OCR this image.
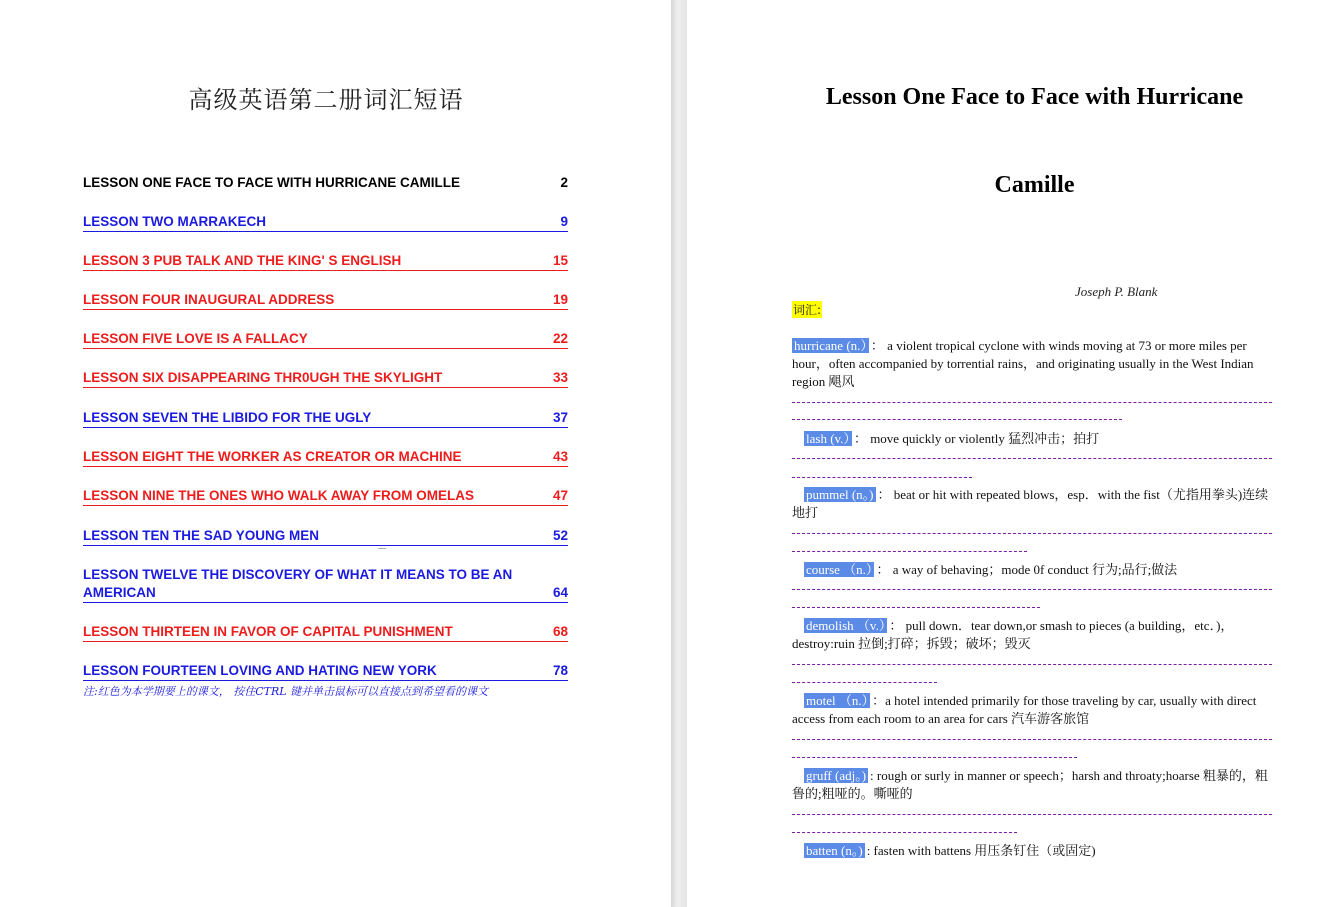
高级英语第二册词汇短语
LESSON ONE FACE TO FACE WITH HURRICANE CAMILLE	2
LESSON TWO MARRAKECH	9
LESSON 3 PUB TALK AND THE KING' S ENGLISH	15
LESSON FOUR INAUGURAL ADDRESS	19
LESSON FIVE LOVE IS A FALLACY	22
LESSON SIX DISAPPEARING THR0UGH THE SKYLIGHT	33
LESSON SEVEN THE LIBIDO FOR THE UGLY	37
LESSON EIGHT THE WORKER AS CREATOR OR MACHINE	43
LESSON NINE THE ONES WHO WALK AWAY FROM OMELAS	47
LESSON TEN THE SAD YOUNG MEN	52
LESSON TWELVE THE DISCOVERY OF WHAT IT MEANS TO BE AN AMERICAN	64
LESSON THIRTEEN IN FAVOR OF CAPITAL PUNISHMENT	68
LESSON FOURTEEN LOVING AND HATING NEW YORK	78
注:红色为本学期要上的课文， 按住CTRL 键并单击鼠标可以直接点到希望看的课文
Lesson One Face to Face with Hurricane
Camille
Joseph P. Blank
词汇:
hurricane (n.） ： a violent tropical cyclone with winds moving at 73 or more miles per hour，often accompanied by torrential rains，and originating usually in the West Indian region 飓风
lash (v.） ： move quickly or violently 猛烈冲击；拍打
pummel (n。) ： beat or hit with repeated blows，esp．with the fist（尤指用拳头)连续地打
course （n.） ： a way of behaving；mode 0f conduct 行为;品行;做法
demolish （v.） ： pull down．tear down,or smash to pieces (a building，etc．)，destroy:ruin 拉倒;打碎；拆毁；破坏；毁灭
motel （n.） ：a hotel intended primarily for those traveling by car, usually with direct access from each room to an area for cars 汽车游客旅馆
gruff (adj。) : rough or surly in manner or speech；harsh and throaty;hoarse 粗暴的，粗鲁的;粗哑的。嘶哑的
batten (n。) : fasten with battens 用压条钉住（或固定)
